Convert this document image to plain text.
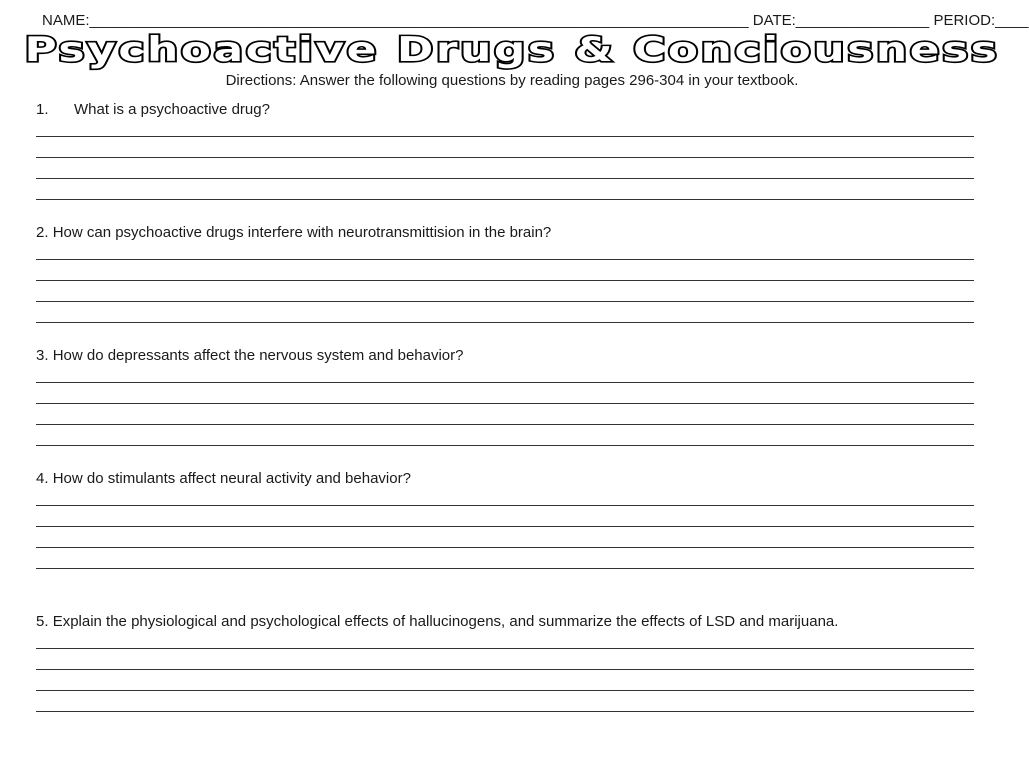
NAME:_______________________________________________________________________________ DATE:________________ PERIOD:____
Psychoactive Drugs & Conciousness
Directions: Answer the following questions by reading pages 296-304 in your textbook.
1. What is a psychoactive drug?
2. How can psychoactive drugs interfere with neurotransmittision in the brain?
3. How do depressants affect the nervous system and behavior?
4. How do stimulants affect neural activity and behavior?
5. Explain the physiological and psychological effects of hallucinogens, and summarize the effects of LSD and marijuana.
